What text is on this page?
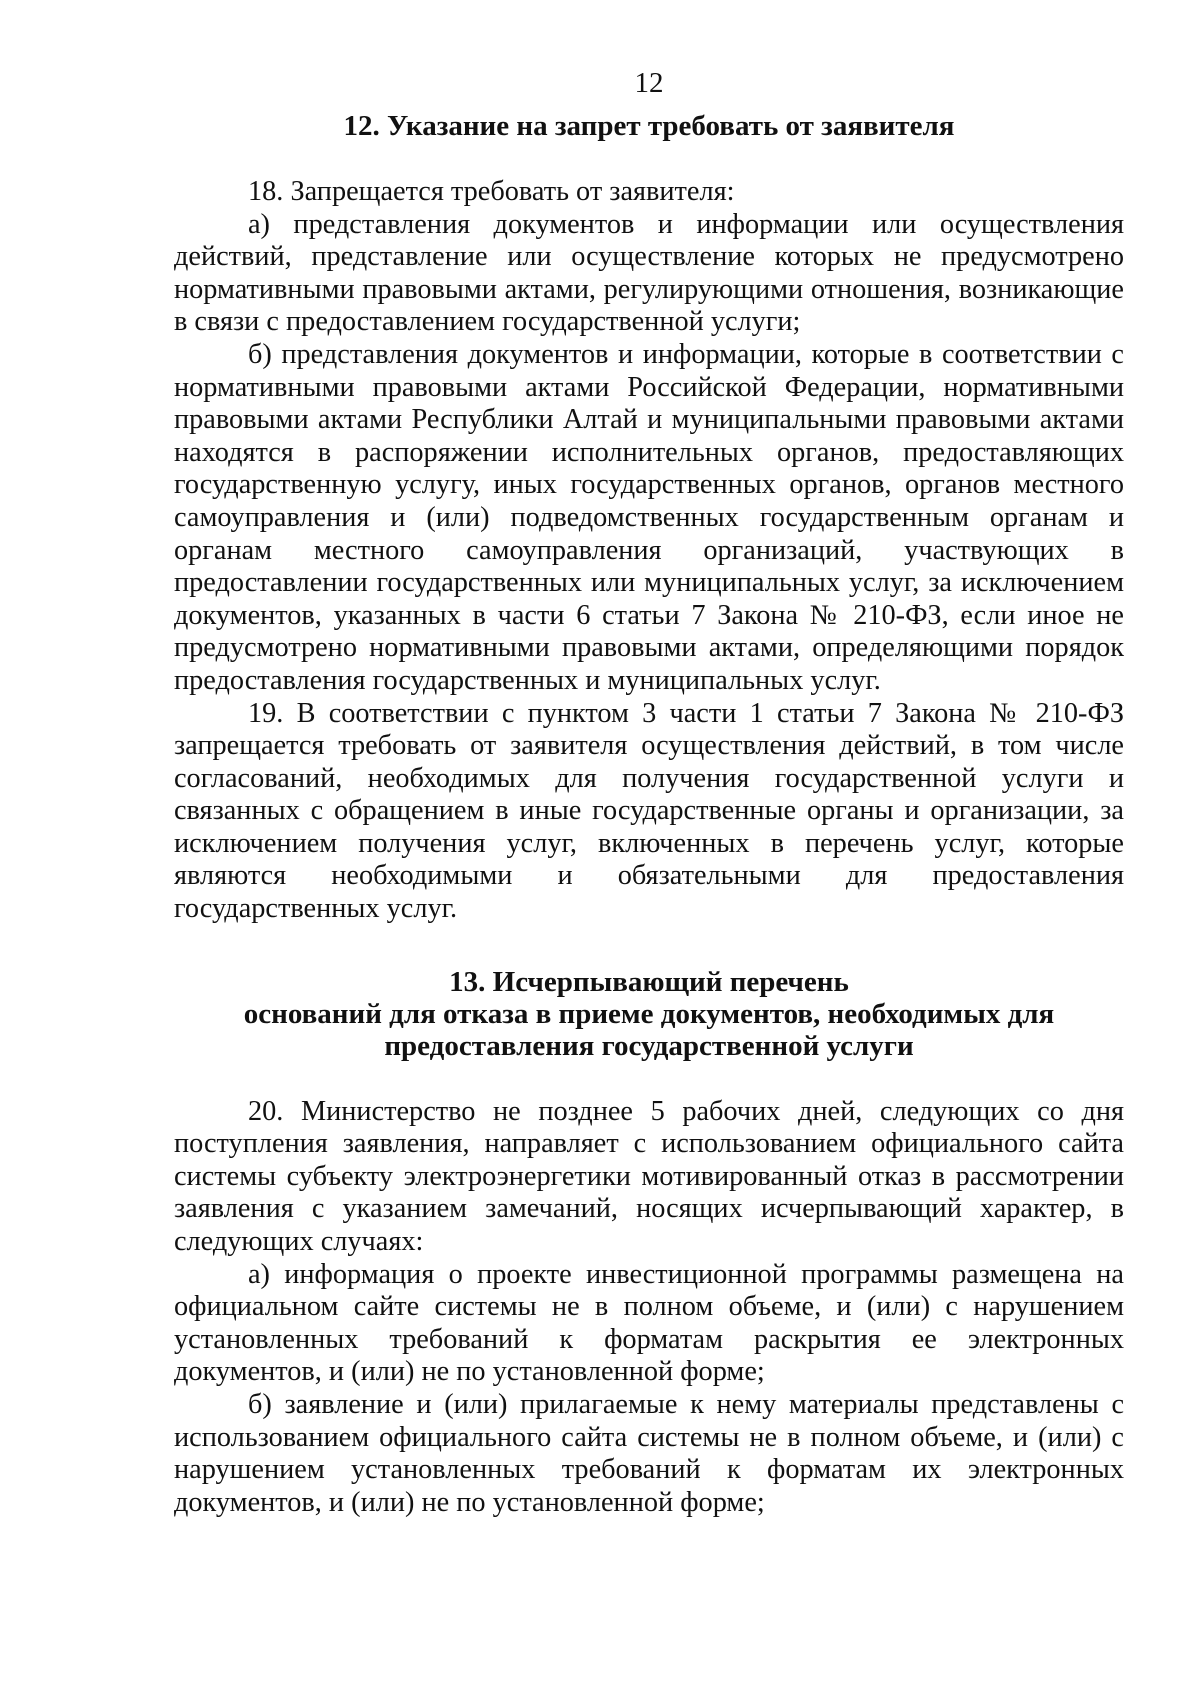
12
12. Указание на запрет требовать от заявителя

18. Запрещается требовать от заявителя:

а) представления документов и информации или осуществления действий, представление или осуществление которых не предусмотрено нормативными правовыми актами, регулирующими отношения, возникающие в связи с предоставлением государственной услуги;

б) представления документов и информации, которые в соответствии с нормативными правовыми актами Российской Федерации, нормативными правовыми актами Республики Алтай и муниципальными правовыми актами находятся в распоряжении исполнительных органов, предоставляющих государственную услугу, иных государственных органов, органов местного самоуправления и (или) подведомственных государственным органам и органам местного самоуправления организаций, участвующих в предоставлении государственных или муниципальных услуг, за исключением документов, указанных в части 6 статьи 7 Закона № 210-ФЗ, если иное не предусмотрено нормативными правовыми актами, определяющими порядок предоставления государственных и муниципальных услуг.

19. В соответствии с пунктом 3 части 1 статьи 7 Закона № 210-ФЗ запрещается требовать от заявителя осуществления действий, в том числе согласований, необходимых для получения государственной услуги и связанных с обращением в иные государственные органы и организации, за исключением получения услуг, включенных в перечень услуг, которые являются необходимыми и обязательными для предоставления государственных услуг.

13. Исчерпывающий перечень
оснований для отказа в приеме документов, необходимых для
предоставления государственной услуги

20. Министерство не позднее 5 рабочих дней, следующих со дня поступления заявления, направляет с использованием официального сайта системы субъекту электроэнергетики мотивированный отказ в рассмотрении заявления с указанием замечаний, носящих исчерпывающий характер, в следующих случаях:

а) информация о проекте инвестиционной программы размещена на официальном сайте системы не в полном объеме, и (или) с нарушением установленных требований к форматам раскрытия ее электронных документов, и (или) не по установленной форме;

б) заявление и (или) прилагаемые к нему материалы представлены с использованием официального сайта системы не в полном объеме, и (или) с нарушением установленных требований к форматам их электронных документов, и (или) не по установленной форме;
